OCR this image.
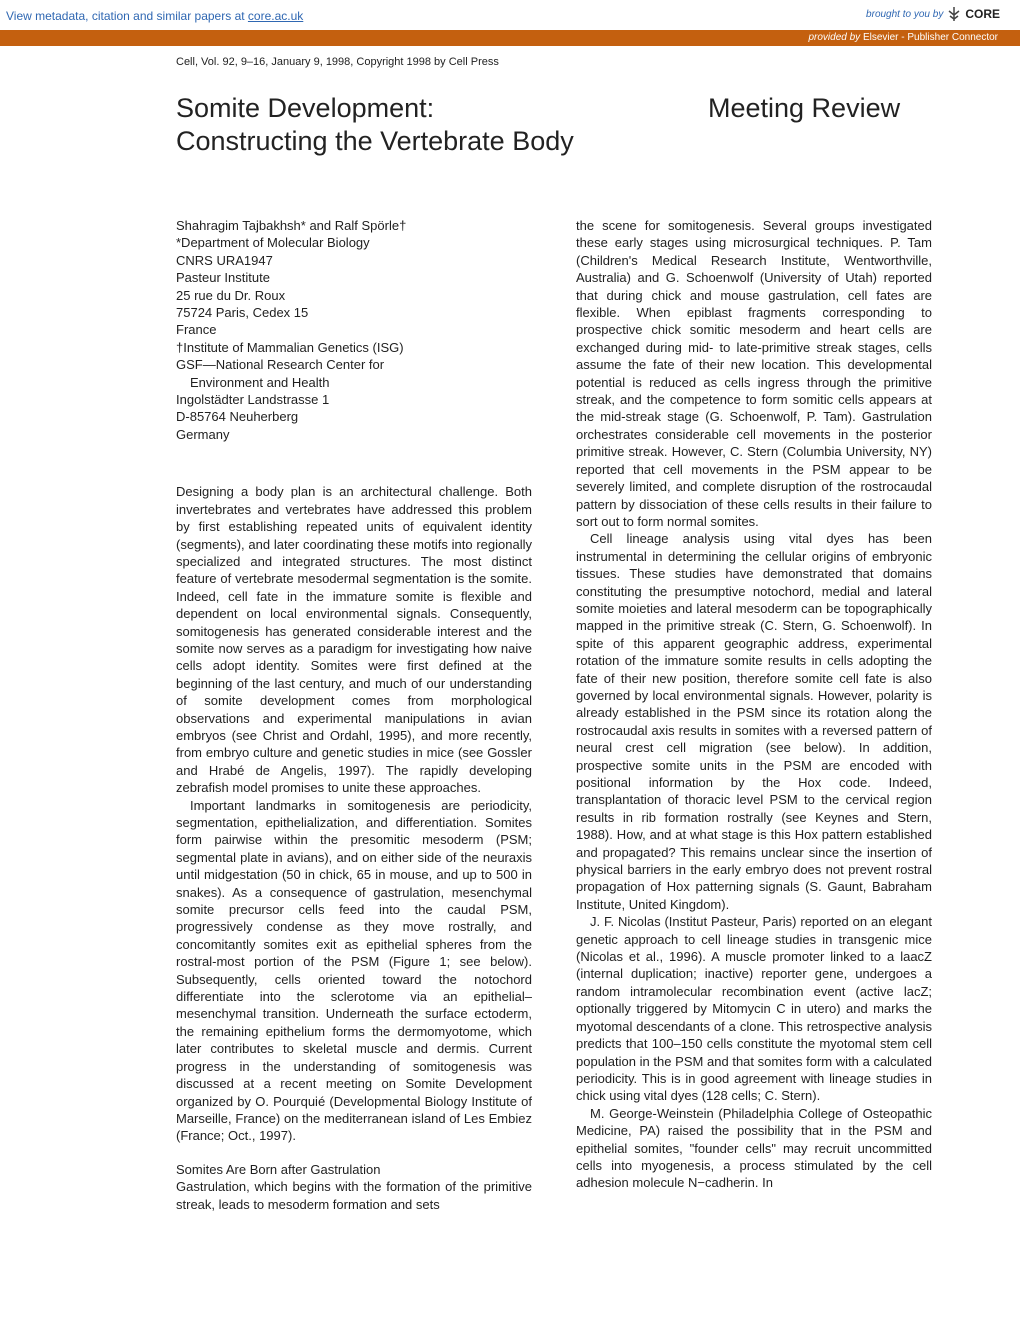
View metadata, citation and similar papers at core.ac.uk	brought to you by CORE
provided by Elsevier - Publisher Connector
Cell, Vol. 92, 9–16, January 9, 1998, Copyright 1998 by Cell Press
Somite Development:
Constructing the Vertebrate Body
Meeting Review
Shahragim Tajbakhsh* and Ralf Spörle†
*Department of Molecular Biology
CNRS URA1947
Pasteur Institute
25 rue du Dr. Roux
75724 Paris, Cedex 15
France
†Institute of Mammalian Genetics (ISG)
GSF—National Research Center for
Environment and Health
Ingolstädter Landstrasse 1
D-85764 Neuherberg
Germany

Designing a body plan is an architectural challenge. Both invertebrates and vertebrates have addressed this problem by first establishing repeated units of equivalent identity (segments), and later coordinating these motifs into regionally specialized and integrated structures. The most distinct feature of vertebrate mesodermal segmentation is the somite. Indeed, cell fate in the immature somite is flexible and dependent on local environmental signals. Consequently, somitogenesis has generated considerable interest and the somite now serves as a paradigm for investigating how naive cells adopt identity. Somites were first defined at the beginning of the last century, and much of our understanding of somite development comes from morphological observations and experimental manipulations in avian embryos (see Christ and Ordahl, 1995), and more recently, from embryo culture and genetic studies in mice (see Gossler and Hrabé de Angelis, 1997). The rapidly developing zebrafish model promises to unite these approaches.

Important landmarks in somitogenesis are periodicity, segmentation, epithelialization, and differentiation. Somites form pairwise within the presomitic mesoderm (PSM; segmental plate in avians), and on either side of the neuraxis until midgestation (50 in chick, 65 in mouse, and up to 500 in snakes). As a consequence of gastrulation, mesenchymal somite precursor cells feed into the caudal PSM, progressively condense as they move rostrally, and concomitantly somites exit as epithelial spheres from the rostral-most portion of the PSM (Figure 1; see below). Subsequently, cells oriented toward the notochord differentiate into the sclerotome via an epithelial–mesenchymal transition. Underneath the surface ectoderm, the remaining epithelium forms the dermomyotome, which later contributes to skeletal muscle and dermis. Current progress in the understanding of somitogenesis was discussed at a recent meeting on Somite Development organized by O. Pourquié (Developmental Biology Institute of Marseille, France) on the mediterranean island of Les Embiez (France; Oct., 1997).

Somites Are Born after Gastrulation

Gastrulation, which begins with the formation of the primitive streak, leads to mesoderm formation and sets

the scene for somitogenesis. Several groups investigated these early stages using microsurgical techniques. P. Tam (Children's Medical Research Institute, Wentworthville, Australia) and G. Schoenwolf (University of Utah) reported that during chick and mouse gastrulation, cell fates are flexible. When epiblast fragments corresponding to prospective chick somitic mesoderm and heart cells are exchanged during mid- to late-primitive streak stages, cells assume the fate of their new location. This developmental potential is reduced as cells ingress through the primitive streak, and the competence to form somitic cells appears at the mid-streak stage (G. Schoenwolf, P. Tam). Gastrulation orchestrates considerable cell movements in the posterior primitive streak. However, C. Stern (Columbia University, NY) reported that cell movements in the PSM appear to be severely limited, and complete disruption of the rostrocaudal pattern by dissociation of these cells results in their failure to sort out to form normal somites.

Cell lineage analysis using vital dyes has been instrumental in determining the cellular origins of embryonic tissues. These studies have demonstrated that domains constituting the presumptive notochord, medial and lateral somite moieties and lateral mesoderm can be topographically mapped in the primitive streak (C. Stern, G. Schoenwolf). In spite of this apparent geographic address, experimental rotation of the immature somite results in cells adopting the fate of their new position, therefore somite cell fate is also governed by local environmental signals. However, polarity is already established in the PSM since its rotation along the rostrocaudal axis results in somites with a reversed pattern of neural crest cell migration (see below). In addition, prospective somite units in the PSM are encoded with positional information by the Hox code. Indeed, transplantation of thoracic level PSM to the cervical region results in rib formation rostrally (see Keynes and Stern, 1988). How, and at what stage is this Hox pattern established and propagated? This remains unclear since the insertion of physical barriers in the early embryo does not prevent rostral propagation of Hox patterning signals (S. Gaunt, Babraham Institute, United Kingdom).

J. F. Nicolas (Institut Pasteur, Paris) reported on an elegant genetic approach to cell lineage studies in transgenic mice (Nicolas et al., 1996). A muscle promoter linked to a laacZ (internal duplication; inactive) reporter gene, undergoes a random intramolecular recombination event (active lacZ; optionally triggered by Mitomycin C in utero) and marks the myotomal descendants of a clone. This retrospective analysis predicts that 100–150 cells constitute the myotomal stem cell population in the PSM and that somites form with a calculated periodicity. This is in good agreement with lineage studies in chick using vital dyes (128 cells; C. Stern).

M. George-Weinstein (Philadelphia College of Osteopathic Medicine, PA) raised the possibility that in the PSM and epithelial somites, "founder cells" may recruit uncommitted cells into myogenesis, a process stimulated by the cell adhesion molecule N−cadherin. In
